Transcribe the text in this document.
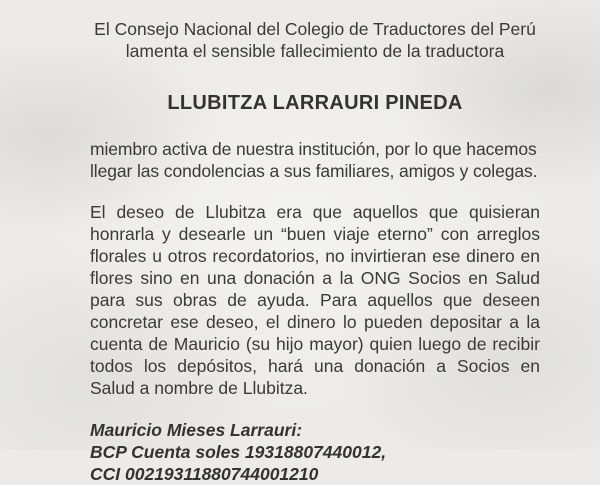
El Consejo Nacional del Colegio de Traductores del Perú
lamenta el sensible fallecimiento de la traductora
LLUBITZA LARRAURI PINEDA
miembro activa de nuestra institución, por lo que hacemos
llegar las condolencias a sus familiares, amigos y colegas.

El deseo de Llubitza era que aquellos que quisieran honrarla y desearle un “buen viaje eterno” con arreglos florales u otros recordatorios, no invirtieran ese dinero en flores sino en una donación a la ONG Socios en Salud para sus obras de ayuda. Para aquellos que deseen concretar ese deseo, el dinero lo pueden depositar a la cuenta de Mauricio (su hijo mayor) quien luego de recibir todos los depósitos, hará una donación a Socios en Salud a nombre de Llubitza.

Mauricio Mieses Larrauri:
BCP Cuenta soles 19318807440012,
CCI 00219311880744001210
